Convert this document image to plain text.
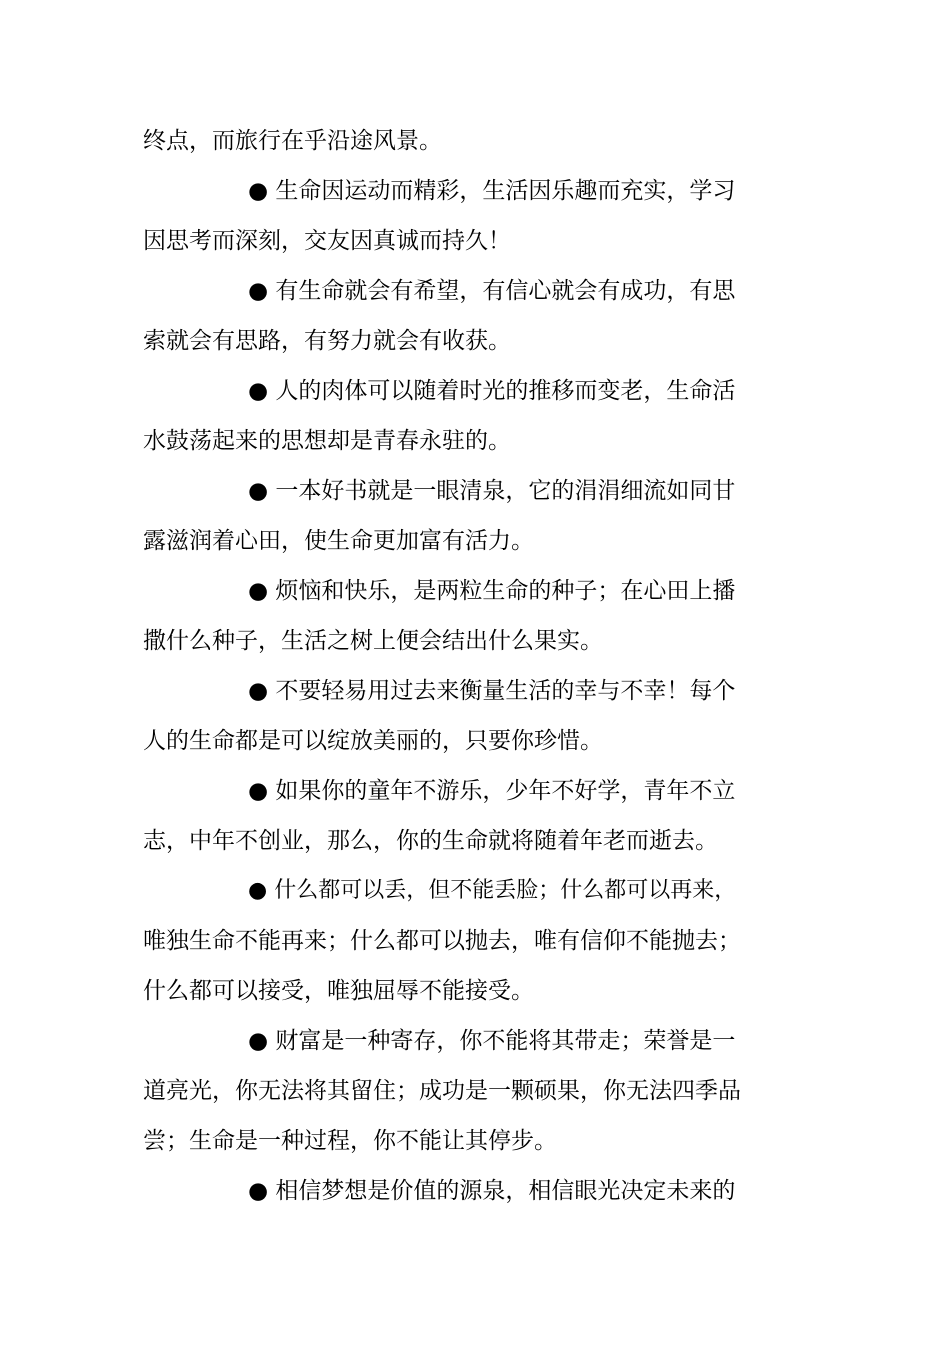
终点，而旅行在乎沿途风景。
● 生命因运动而精彩，生活因乐趣而充实，学习
因思考而深刻，交友因真诚而持久！
● 有生命就会有希望，有信心就会有成功，有思
索就会有思路，有努力就会有收获。
● 人的肉体可以随着时光的推移而变老，生命活
水鼓荡起来的思想却是青春永驻的。
● 一本好书就是一眼清泉，它的涓涓细流如同甘
露滋润着心田，使生命更加富有活力。
● 烦恼和快乐，是两粒生命的种子；在心田上播
撒什么种子，生活之树上便会结出什么果实。
● 不要轻易用过去来衡量生活的幸与不幸！每个
人的生命都是可以绽放美丽的，只要你珍惜。
● 如果你的童年不游乐，少年不好学，青年不立
志，中年不创业，那么，你的生命就将随着年老而逝去。
● 什么都可以丢，但不能丢脸；什么都可以再来，
唯独生命不能再来；什么都可以抛去，唯有信仰不能抛去；
什么都可以接受，唯独屈辱不能接受。
● 财富是一种寄存，你不能将其带走；荣誉是一
道亮光，你无法将其留住；成功是一颗硕果，你无法四季品
尝；生命是一种过程，你不能让其停步。
● 相信梦想是价值的源泉，相信眼光决定未来的
